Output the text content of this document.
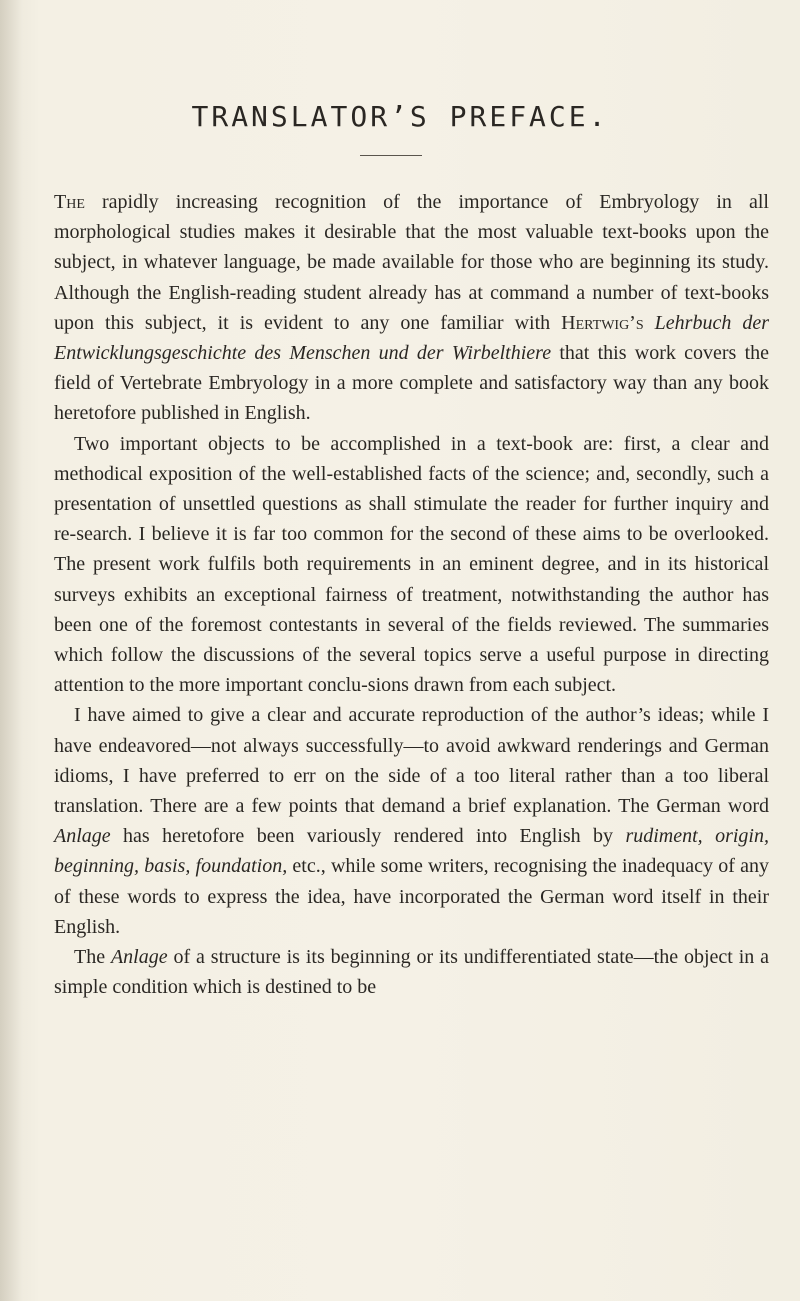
TRANSLATOR’S PREFACE.

The rapidly increasing recognition of the importance of Embryology in all morphological studies makes it desirable that the most valuable text-books upon the subject, in whatever language, be made available for those who are beginning its study. Although the English-reading student already has at command a number of text-books upon this subject, it is evident to any one familiar with Hertwig’s Lehrbuch der Entwicklungsgeschichte des Menschen und der Wirbelthiere that this work covers the field of Vertebrate Embryology in a more complete and satisfactory way than any book heretofore published in English.

Two important objects to be accomplished in a text-book are: first, a clear and methodical exposition of the well-established facts of the science; and, secondly, such a presentation of unsettled questions as shall stimulate the reader for further inquiry and re-search. I believe it is far too common for the second of these aims to be overlooked. The present work fulfils both requirements in an eminent degree, and in its historical surveys exhibits an exceptional fairness of treatment, notwithstanding the author has been one of the foremost contestants in several of the fields reviewed. The summaries which follow the discussions of the several topics serve a useful purpose in directing attention to the more important conclu-sions drawn from each subject.

I have aimed to give a clear and accurate reproduction of the author’s ideas; while I have endeavored—not always successfully—to avoid awkward renderings and German idioms, I have preferred to err on the side of a too literal rather than a too liberal translation. There are a few points that demand a brief explanation. The German word Anlage has heretofore been variously rendered into English by rudiment, origin, beginning, basis, foundation, etc., while some writers, recognising the inadequacy of any of these words to express the idea, have incorporated the German word itself in their English.

The Anlage of a structure is its beginning or its undifferentiated state—the object in a simple condition which is destined to be
